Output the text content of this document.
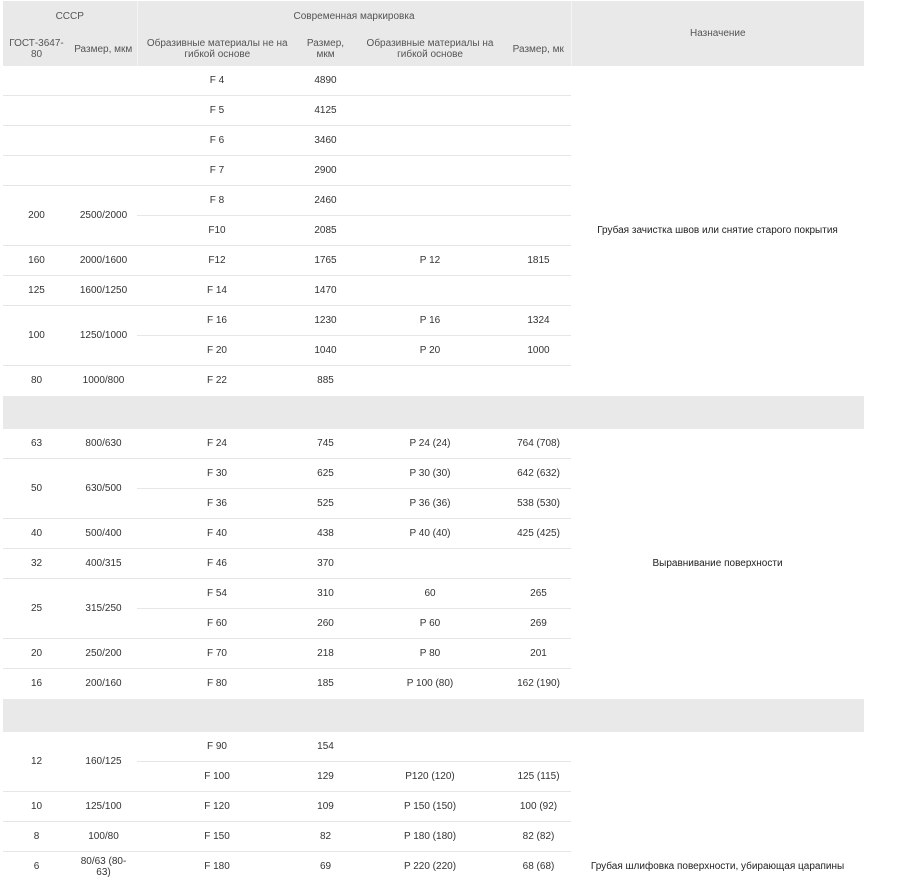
СССР		Современная маркировка				Назначение
ГОСТ-3647-80	Размер, мкм	Образивные материалы не на гибкой основе	Размер, мкм	Образивные материалы на гибкой основе	Размер, мк	
		F 4	4890			Грубая зачистка швов или снятие старого покрытия
		F 5	4125			
		F 6	3460			
		F 7	2900			
200	2500/2000	F 8	2460			
		F10	2085			
160	2000/1600	F12	1765	P 12	1815	
125	1600/1250	F 14	1470			
100	1250/1000	F 16	1230	P 16	1324	
		F 20	1040	P 20	1000	
80	1000/800	F 22	885			

63	800/630	F 24	745	P 24 (24)	764 (708)	Выравнивание поверхности
50	630/500	F 30	625	P 30 (30)	642 (632)	
		F 36	525	P 36 (36)	538 (530)	
40	500/400	F 40	438	P 40 (40)	425 (425)	
32	400/315	F 46	370			
25	315/250	F 54	310	60	265	
		F 60	260	P 60	269	
20	250/200	F 70	218	P 80	201	
16	200/160	F 80	185	P 100 (80)	162 (190)	

12	160/125	F 90	154			
		F 100	129	P120 (120)	125 (115)	
10	125/100	F 120	109	P 150 (150)	100 (92)	
8	100/80	F 150	82	P 180 (180)	82 (82)	
6	80/63 (80-63)	F 180	69	P 220 (220)	68 (68)	Грубая шлифовка поверхности, убирающая царапины
